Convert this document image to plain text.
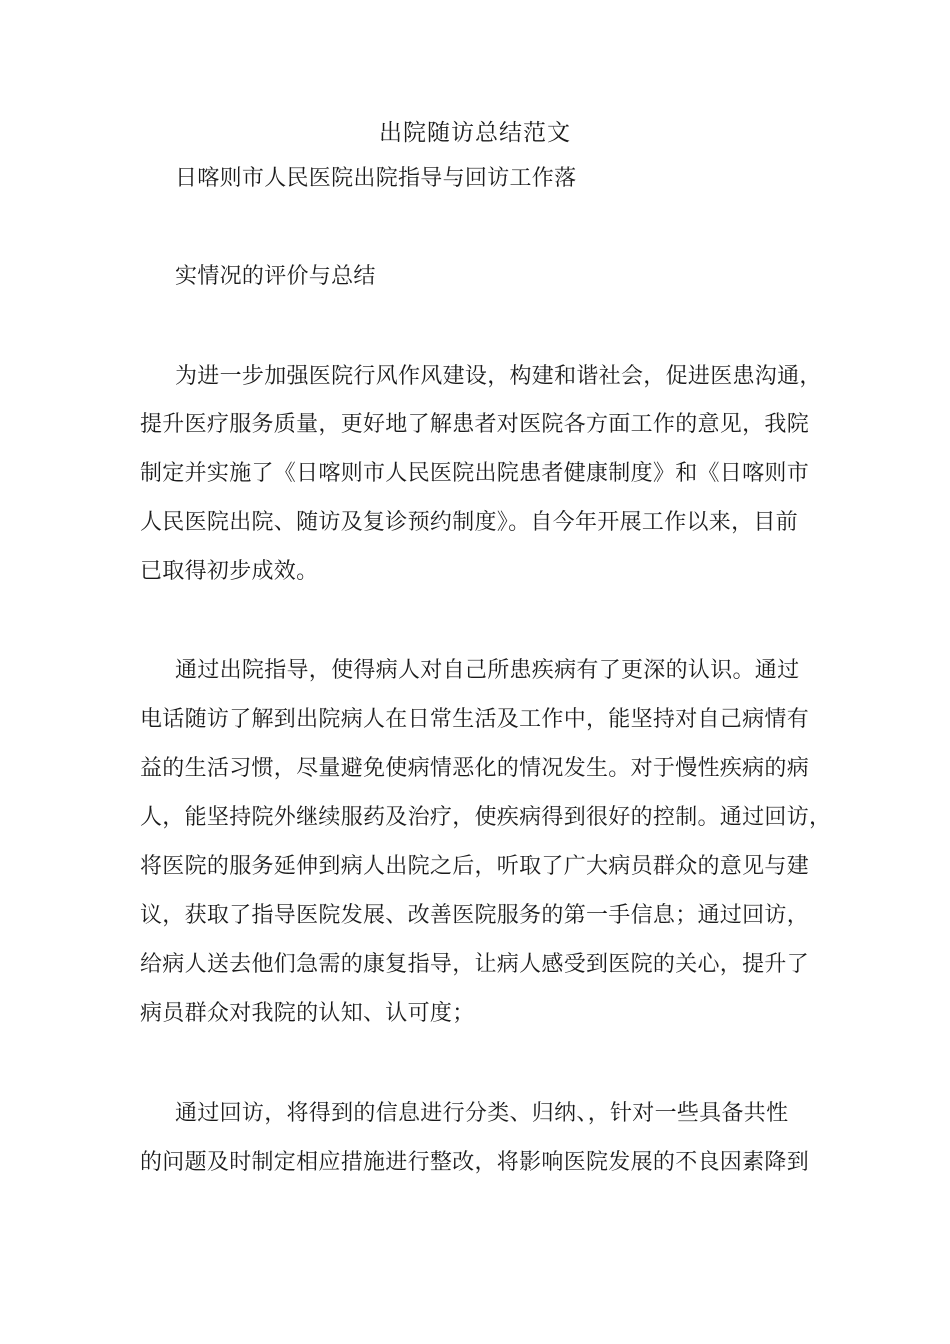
出院随访总结范文
日喀则市人民医院出院指导与回访工作落
实情况的评价与总结
为进一步加强医院行风作风建设，构建和谐社会，促进医患沟通，
提升医疗服务质量，更好地了解患者对医院各方面工作的意见，我院
制定并实施了《日喀则市人民医院出院患者健康制度》和《日喀则市
人民医院出院、随访及复诊预约制度》。自今年开展工作以来，目前
已取得初步成效。
通过出院指导，使得病人对自己所患疾病有了更深的认识。通过
电话随访了解到出院病人在日常生活及工作中，能坚持对自己病情有
益的生活习惯，尽量避免使病情恶化的情况发生。对于慢性疾病的病
人，能坚持院外继续服药及治疗，使疾病得到很好的控制。通过回访，
将医院的服务延伸到病人出院之后，听取了广大病员群众的意见与建
议，获取了指导医院发展、改善医院服务的第一手信息；通过回访，
给病人送去他们急需的康复指导，让病人感受到医院的关心，提升了
病员群众对我院的认知、认可度；
通过回访，将得到的信息进行分类、归纳、，针对一些具备共性
的问题及时制定相应措施进行整改，将影响医院发展的不良因素降到
